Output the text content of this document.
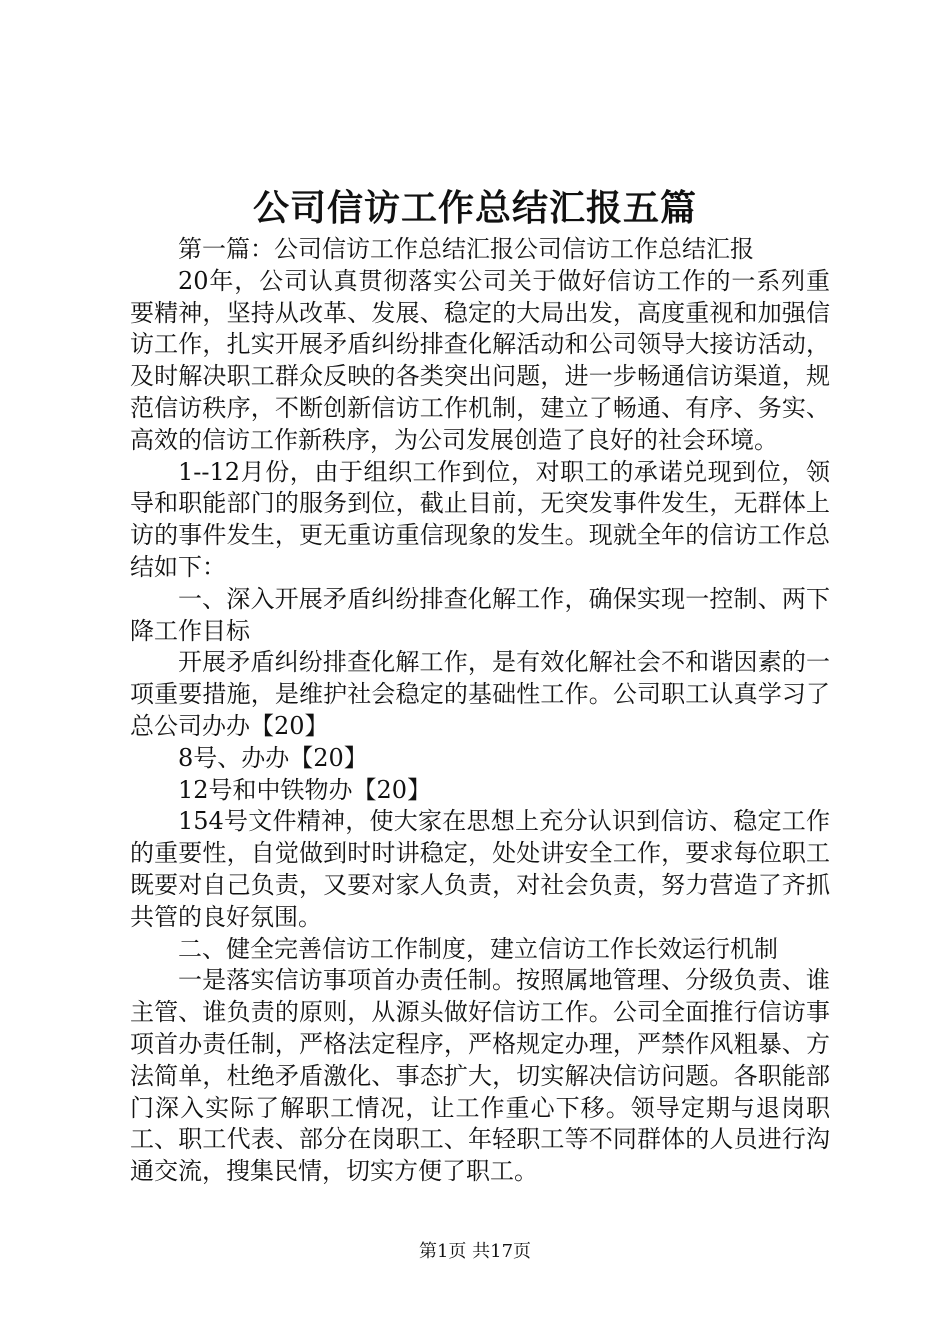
公司信访工作总结汇报五篇

第一篇：公司信访工作总结汇报公司信访工作总结汇报

20年，公司认真贯彻落实公司关于做好信访工作的一系列重要精神，坚持从改革、发展、稳定的大局出发，高度重视和加强信访工作，扎实开展矛盾纠纷排查化解活动和公司领导大接访活动，及时解决职工群众反映的各类突出问题，进一步畅通信访渠道，规范信访秩序，不断创新信访工作机制，建立了畅通、有序、务实、高效的信访工作新秩序，为公司发展创造了良好的社会环境。

1--12月份，由于组织工作到位，对职工的承诺兑现到位，领导和职能部门的服务到位，截止目前，无突发事件发生，无群体上访的事件发生，更无重访重信现象的发生。现就全年的信访工作总结如下：

一、深入开展矛盾纠纷排查化解工作，确保实现一控制、两下降工作目标

开展矛盾纠纷排查化解工作，是有效化解社会不和谐因素的一项重要措施，是维护社会稳定的基础性工作。公司职工认真学习了总公司办办【20】

8号、办办【20】

12号和中铁物办【20】

154号文件精神，使大家在思想上充分认识到信访、稳定工作的重要性，自觉做到时时讲稳定，处处讲安全工作，要求每位职工既要对自己负责，又要对家人负责，对社会负责，努力营造了齐抓共管的良好氛围。

二、健全完善信访工作制度，建立信访工作长效运行机制

一是落实信访事项首办责任制。按照属地管理、分级负责、谁主管、谁负责的原则，从源头做好信访工作。公司全面推行信访事项首办责任制，严格法定程序，严格规定办理，严禁作风粗暴、方法简单，杜绝矛盾激化、事态扩大，切实解决信访问题。各职能部门深入实际了解职工情况，让工作重心下移。领导定期与退岗职工、职工代表、部分在岗职工、年轻职工等不同群体的人员进行沟通交流，搜集民情，切实方便了职工。

第1页 共17页
